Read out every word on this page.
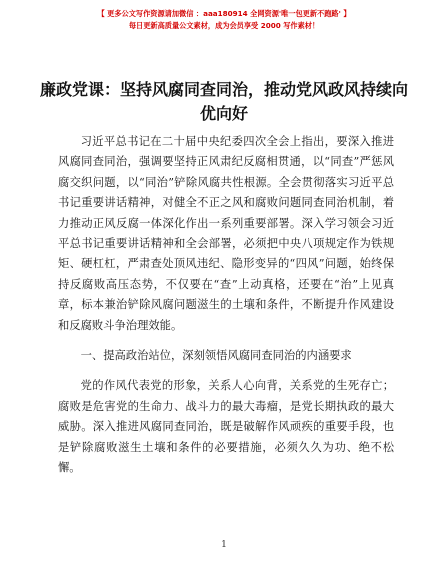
【 更多公文写作资源请加微信 ：aaa180914 全网资源'唯一包更新不跑路' 】
每日更新高质量公文素材，成为会员享受 2000 写作素材！
廉政党课：坚持风腐同查同治，推动党风政风持续向优向好

习近平总书记在二十届中央纪委四次全会上指出，要深入推进风腐同查同治，强调要坚持正风肃纪反腐相贯通，以“同查”严惩风腐交织问题，以“同治”铲除风腐共性根源。全会贯彻落实习近平总书记重要讲话精神，对健全不正之风和腐败问题同查同治机制，着力推动正风反腐一体深化作出一系列重要部署。深入学习领会习近平总书记重要讲话精神和全会部署，必须把中央八项规定作为铁规矩、硬杠杠，严肃查处顶风违纪、隐形变异的“四风”问题，始终保持反腐败高压态势，不仅要在“查”上动真格，还要在“治”上见真章，标本兼治铲除风腐问题滋生的土壤和条件，不断提升作风建设和反腐败斗争治理效能。

一、提高政治站位，深刻领悟风腐同查同治的内涵要求

党的作风代表党的形象，关系人心向背，关系党的生死存亡；腐败是危害党的生命力、战斗力的最大毒瘤，是党长期执政的最大威胁。深入推进风腐同查同治，既是破解作风顽疾的重要手段，也是铲除腐败滋生土壤和条件的必要措施，必须久久为功、绝不松懈。

1
